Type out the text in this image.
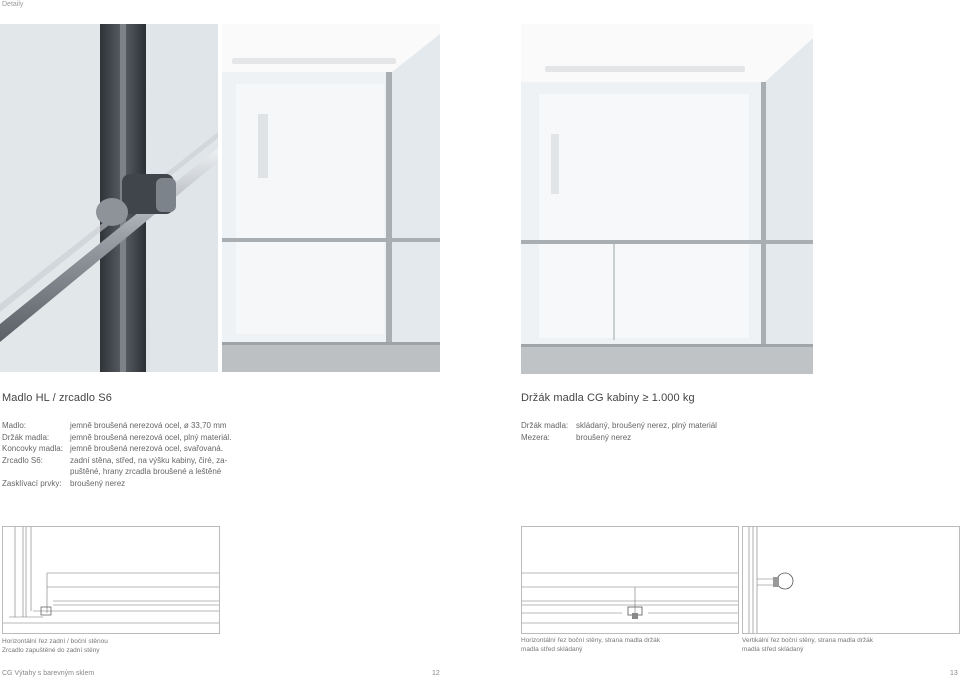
Detaily
Madlo HL / zrcadlo S6
Madlo:	jemně broušená nerezová ocel, ø 33,70 mm
Držák madla:	jemně broušená nerezová ocel, plný materiál.
Koncovky madla: jemně broušená nerezová ocel, svařovaná.
Zrcadlo S6:	zadní stěna, střed, na výšku kabiny, čiré, za-
puštěné, hrany zrcadla broušené a leštěné
Zasklívací prvky:	broušený nerez
Držák madla CG kabiny ≥ 1.000 kg
Držák madla: skládaný, broušený nerez, plný materiál
Mezera:	broušený nerez
Horizontální řez zadní / boční stěnou
Zrcadlo zapuštěné do zadní stěny
Horizontální řez boční stěny, strana madla držák
madla střed skládaný
Vertikální řez boční stěny, strana madla držák
madla střed skládaný
CG Výtahy s barevným sklem	12	13
